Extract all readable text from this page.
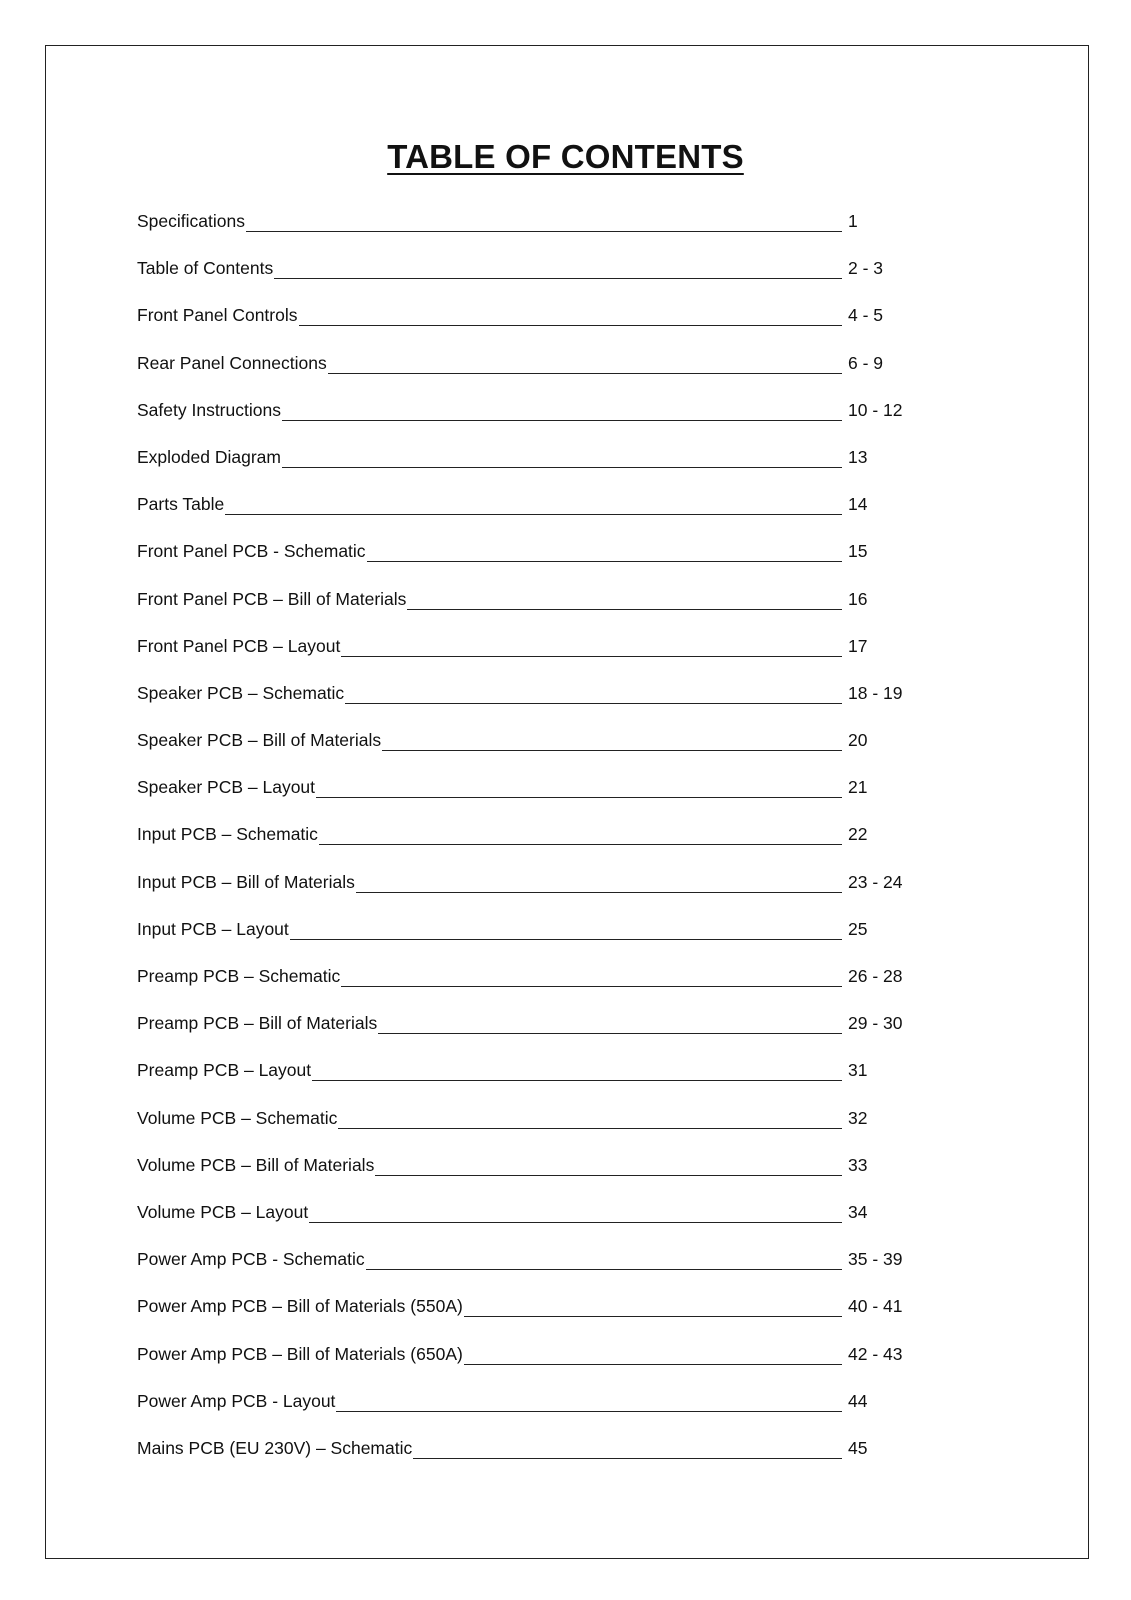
TABLE OF CONTENTS
Specifications	1
Table of Contents	2 - 3
Front Panel Controls	4 - 5
Rear Panel Connections	6 - 9
Safety Instructions	10 - 12
Exploded Diagram	13
Parts Table	14
Front Panel PCB - Schematic	15
Front Panel PCB – Bill of Materials	16
Front Panel PCB – Layout	17
Speaker PCB – Schematic	18 - 19
Speaker PCB – Bill of Materials	20
Speaker PCB – Layout	21
Input PCB – Schematic	22
Input PCB – Bill of Materials	23 - 24
Input PCB – Layout	25
Preamp PCB – Schematic	26 - 28
Preamp PCB – Bill of Materials	29 - 30
Preamp PCB – Layout	31
Volume PCB – Schematic	32
Volume PCB – Bill of Materials	33
Volume PCB – Layout	34
Power Amp PCB - Schematic	35 - 39
Power Amp PCB – Bill of Materials (550A)	40 - 41
Power Amp PCB – Bill of Materials (650A)	42 - 43
Power Amp PCB - Layout	44
Mains PCB (EU 230V) – Schematic	45
